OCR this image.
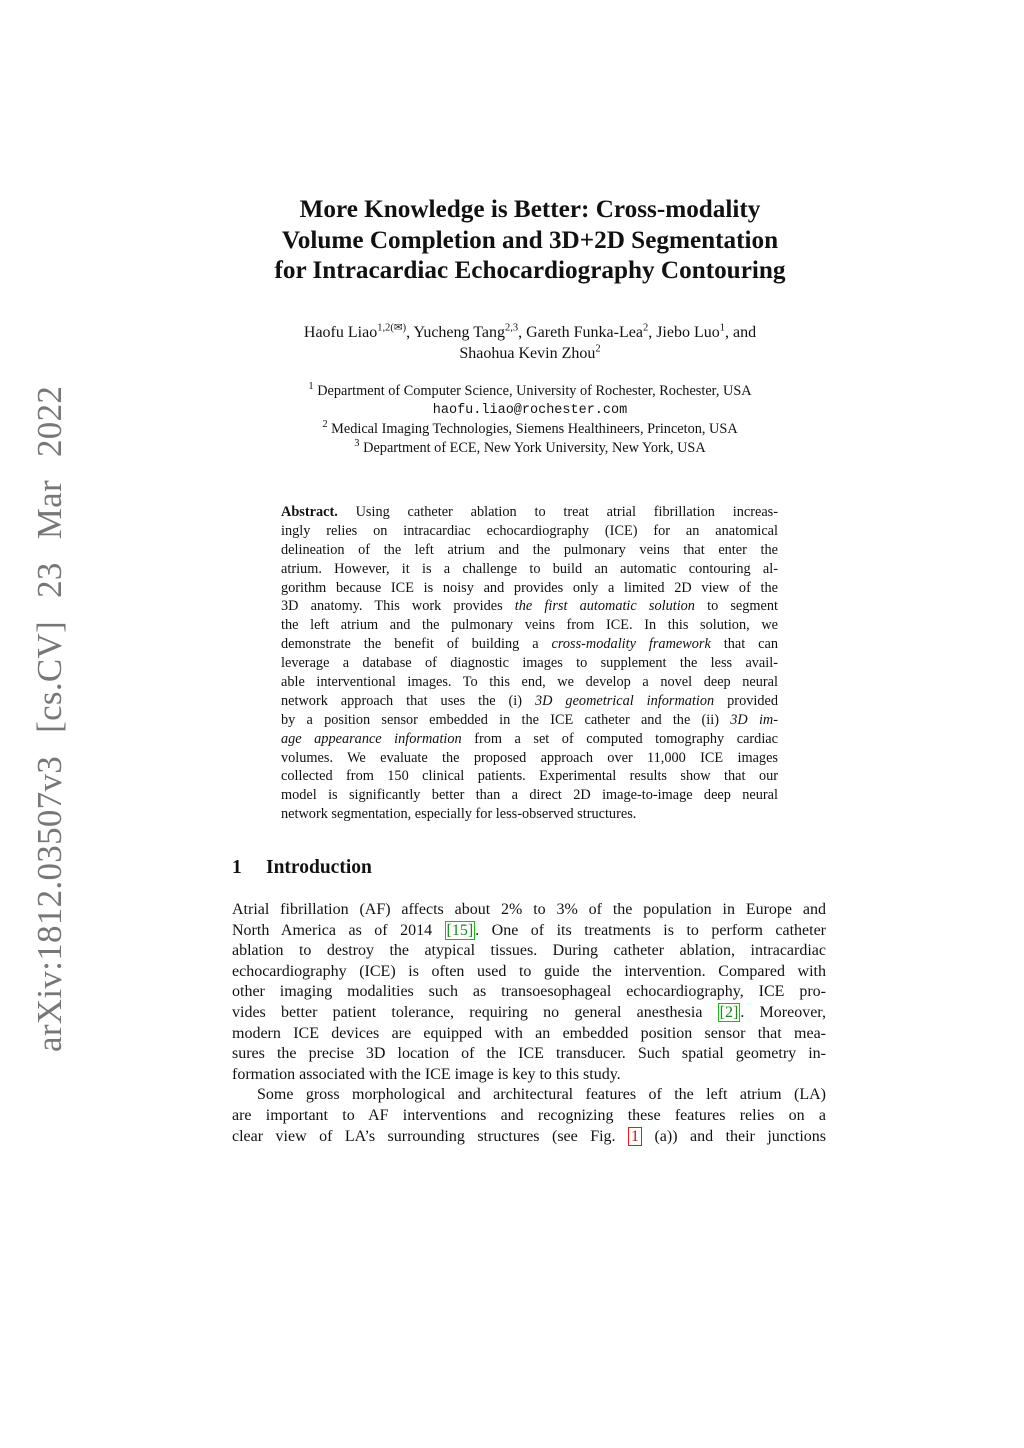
arXiv:1812.03507v3 [cs.CV] 23 Mar 2022
More Knowledge is Better: Cross-modality
Volume Completion and 3D+2D Segmentation
for Intracardiac Echocardiography Contouring
Haofu Liao$^{1,2(✉)}$, Yucheng Tang$^{2,3}$, Gareth Funka-Lea$^2$, Jiebo Luo$^1$, and
Shaohua Kevin Zhou$^2$
$^1$ Department of Computer Science, University of Rochester, Rochester, USA
haofu.liao@rochester.com
$^2$ Medical Imaging Technologies, Siemens Healthineers, Princeton, USA
$^3$ Department of ECE, New York University, New York, USA
Abstract. Using catheter ablation to treat atrial fibrillation increas-
ingly relies on intracardiac echocardiography (ICE) for an anatomical
delineation of the left atrium and the pulmonary veins that enter the
atrium. However, it is a challenge to build an automatic contouring al-
gorithm because ICE is noisy and provides only a limited 2D view of the
3D anatomy. This work provides the first automatic solution to segment
the left atrium and the pulmonary veins from ICE. In this solution, we
demonstrate the benefit of building a cross-modality framework that can
leverage a database of diagnostic images to supplement the less avail-
able interventional images. To this end, we develop a novel deep neural
network approach that uses the (i) 3D geometrical information provided
by a position sensor embedded in the ICE catheter and the (ii) 3D im-
age appearance information from a set of computed tomography cardiac
volumes. We evaluate the proposed approach over 11,000 ICE images
collected from 150 clinical patients. Experimental results show that our
model is significantly better than a direct 2D image-to-image deep neural
network segmentation, especially for less-observed structures.
1 Introduction
Atrial fibrillation (AF) affects about 2% to 3% of the population in Europe and
North America as of 2014 [15] . One of its treatments is to perform catheter
ablation to destroy the atypical tissues. During catheter ablation, intracardiac
echocardiography (ICE) is often used to guide the intervention. Compared with
other imaging modalities such as transoesophageal echocardiography, ICE pro-
vides better patient tolerance, requiring no general anesthesia [2] . Moreover,
modern ICE devices are equipped with an embedded position sensor that mea-
sures the precise 3D location of the ICE transducer. Such spatial geometry in-
formation associated with the ICE image is key to this study.
Some gross morphological and architectural features of the left atrium (LA)
are important to AF interventions and recognizing these features relies on a
clear view of LA’s surrounding structures (see Fig. 1 (a)) and their junctions
